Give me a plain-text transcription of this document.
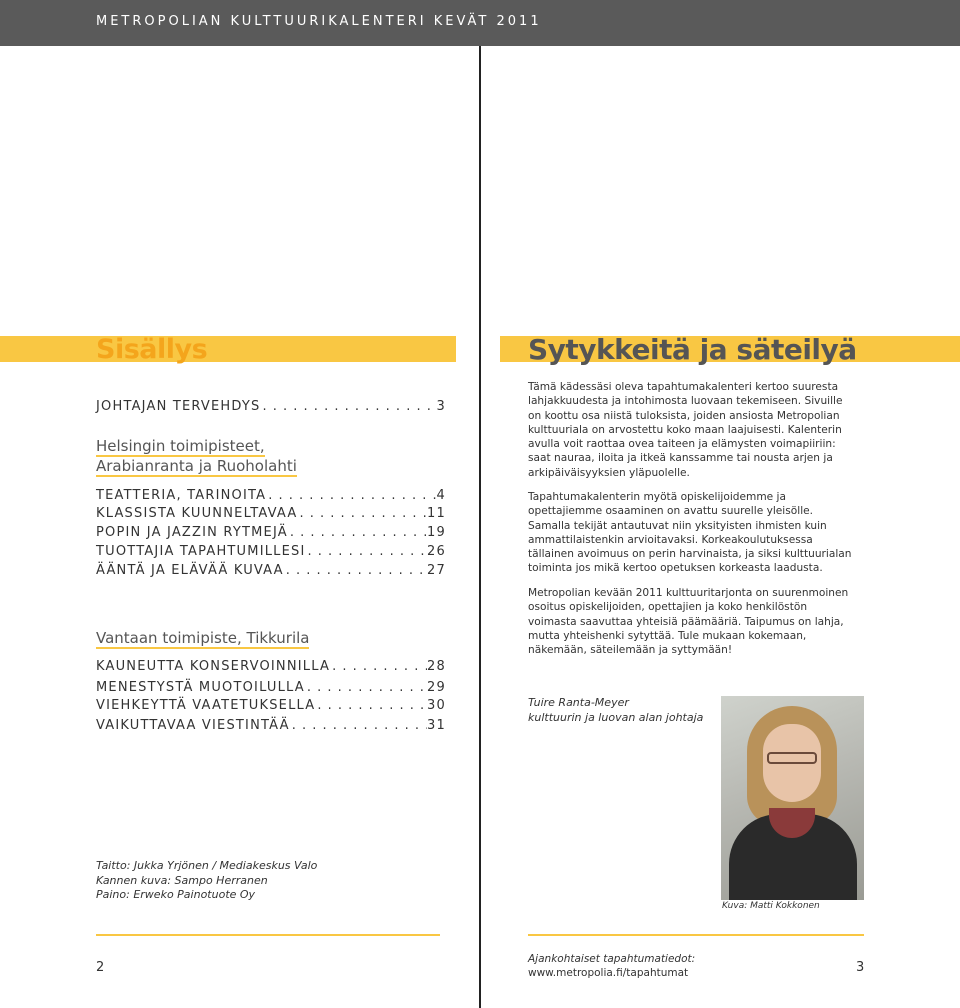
METROPOLIAN KULTTUURIKALENTERI KEVÄT 2011
Sisällys
JOHTAJAN TERVEHDYS . . .	3
Helsingin toimipisteet,
Arabianranta ja Ruoholahti
TEATTERIA, TARINOITA . . .	4
KLASSISTA KUUNNELTAVAA . . .	11
POPIN JA JAZZIN RYTMEJÄ . . .	19
TUOTTAJIA TAPAHTUMILLESI . . .	26
ÄÄNTÄ JA ELÄVÄÄ KUVAA . . .	27
Vantaan toimipiste, Tikkurila
KAUNEUTTA KONSERVOINNILLA . . .	28
MENESTYSTÄ MUOTOILULLA . . .	29
VIEHKEYTTÄ VAATETUKSELLA . . .	30
VAIKUTTAVAA VIESTINTÄÄ . . .	31
Taitto: Jukka Yrjönen / Mediakeskus Valo
Kannen kuva: Sampo Herranen
Paino: Erweko Painotuote Oy
2
Sytykkeitä ja säteilyä
Tämä kädessäsi oleva tapahtumakalenteri kertoo suuresta lahjakkuudesta ja intohimosta luovaan tekemiseen. Sivuille on koottu osa niistä tuloksista, joiden ansiosta Metropolian kulttuuriala on arvostettu koko maan laajuisesti. Kalenterin avulla voit raottaa ovea taiteen ja elämysten voimapiiriin: saat nauraa, iloita ja itkeä kanssamme tai nousta arjen ja arkipäiväisyyksien yläpuolelle.
Tapahtumakalenterin myötä opiskelijoidemme ja opettajiemme osaaminen on avattu suurelle yleisölle. Samalla tekijät antautuvat niin yksityisten ihmisten kuin ammattilaistenkin arvioitavaksi. Korkeakoulutuksessa tällainen avoimuus on perin harvinaista, ja siksi kulttuurialan toiminta jos mikä kertoo opetuksen korkeasta laadusta.
Metropolian kevään 2011 kulttuuritarjonta on suurenmoinen osoitus opiskelijoiden, opettajien ja koko henkilöstön voimasta saavuttaa yhteisiä päämääriä. Taipumus on lahja, mutta yhteishenki sytyttää. Tule mukaan kokemaan, näkemään, säteilemään ja syttymään!
Tuire Ranta-Meyer
kulttuurin ja luovan alan johtaja
Kuva: Matti Kokkonen
Ajankohtaiset tapahtumatiedot:
www.metropolia.fi/tapahtumat	3
